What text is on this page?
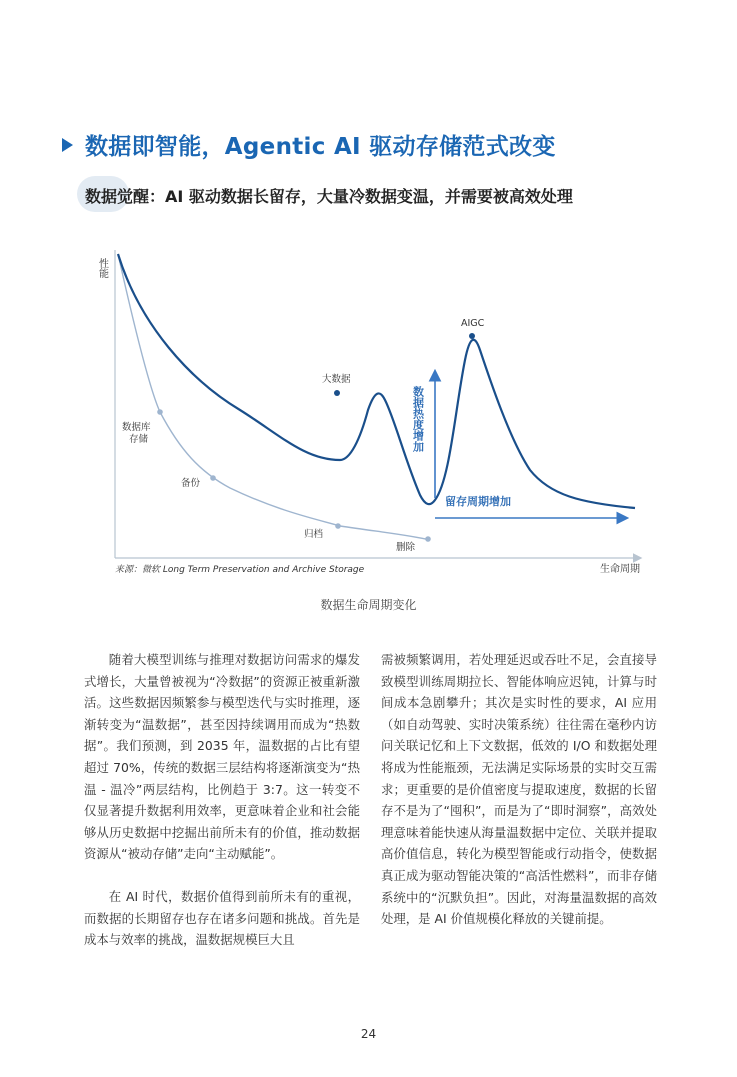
数据即智能，Agentic AI 驱动存储范式改变
数据觉醒：AI 驱动数据长留存，大量冷数据变温，并需要被高效处理
性能
生命周期
大数据
AIGC
数据热度增加
留存周期增加
数据库 存储
备份
归档
删除
来源：微软 Long Term Preservation and Archive Storage
数据生命周期变化

随着大模型训练与推理对数据访问需求的爆发式增长，大量曾被视为“冷数据”的资源正被重新激活。这些数据因频繁参与模型迭代与实时推理，逐渐转变为“温数据”，甚至因持续调用而成为“热数据”。我们预测，到 2035 年，温数据的占比有望超过 70%，传统的数据三层结构将逐渐演变为“热温 - 温冷”两层结构，比例趋于 3:7。这一转变不仅显著提升数据利用效率，更意味着企业和社会能够从历史数据中挖掘出前所未有的价值，推动数据资源从“被动存储”走向“主动赋能”。

在 AI 时代，数据价值得到前所未有的重视，而数据的长期留存也存在诸多问题和挑战。首先是成本与效率的挑战，温数据规模巨大且

需被频繁调用，若处理延迟或吞吐不足，会直接导致模型训练周期拉长、智能体响应迟钝，计算与时间成本急剧攀升；其次是实时性的要求，AI 应用（如自动驾驶、实时决策系统）往往需在毫秒内访问关联记忆和上下文数据，低效的 I/O 和数据处理将成为性能瓶颈，无法满足实际场景的实时交互需求；更重要的是价值密度与提取速度，数据的长留存不是为了“囤积”，而是为了“即时洞察”，高效处理意味着能快速从海量温数据中定位、关联并提取高价值信息，转化为模型智能或行动指令，使数据真正成为驱动智能决策的“高活性燃料”，而非存储系统中的“沉默负担”。因此，对海量温数据的高效处理，是 AI 价值规模化释放的关键前提。

24
